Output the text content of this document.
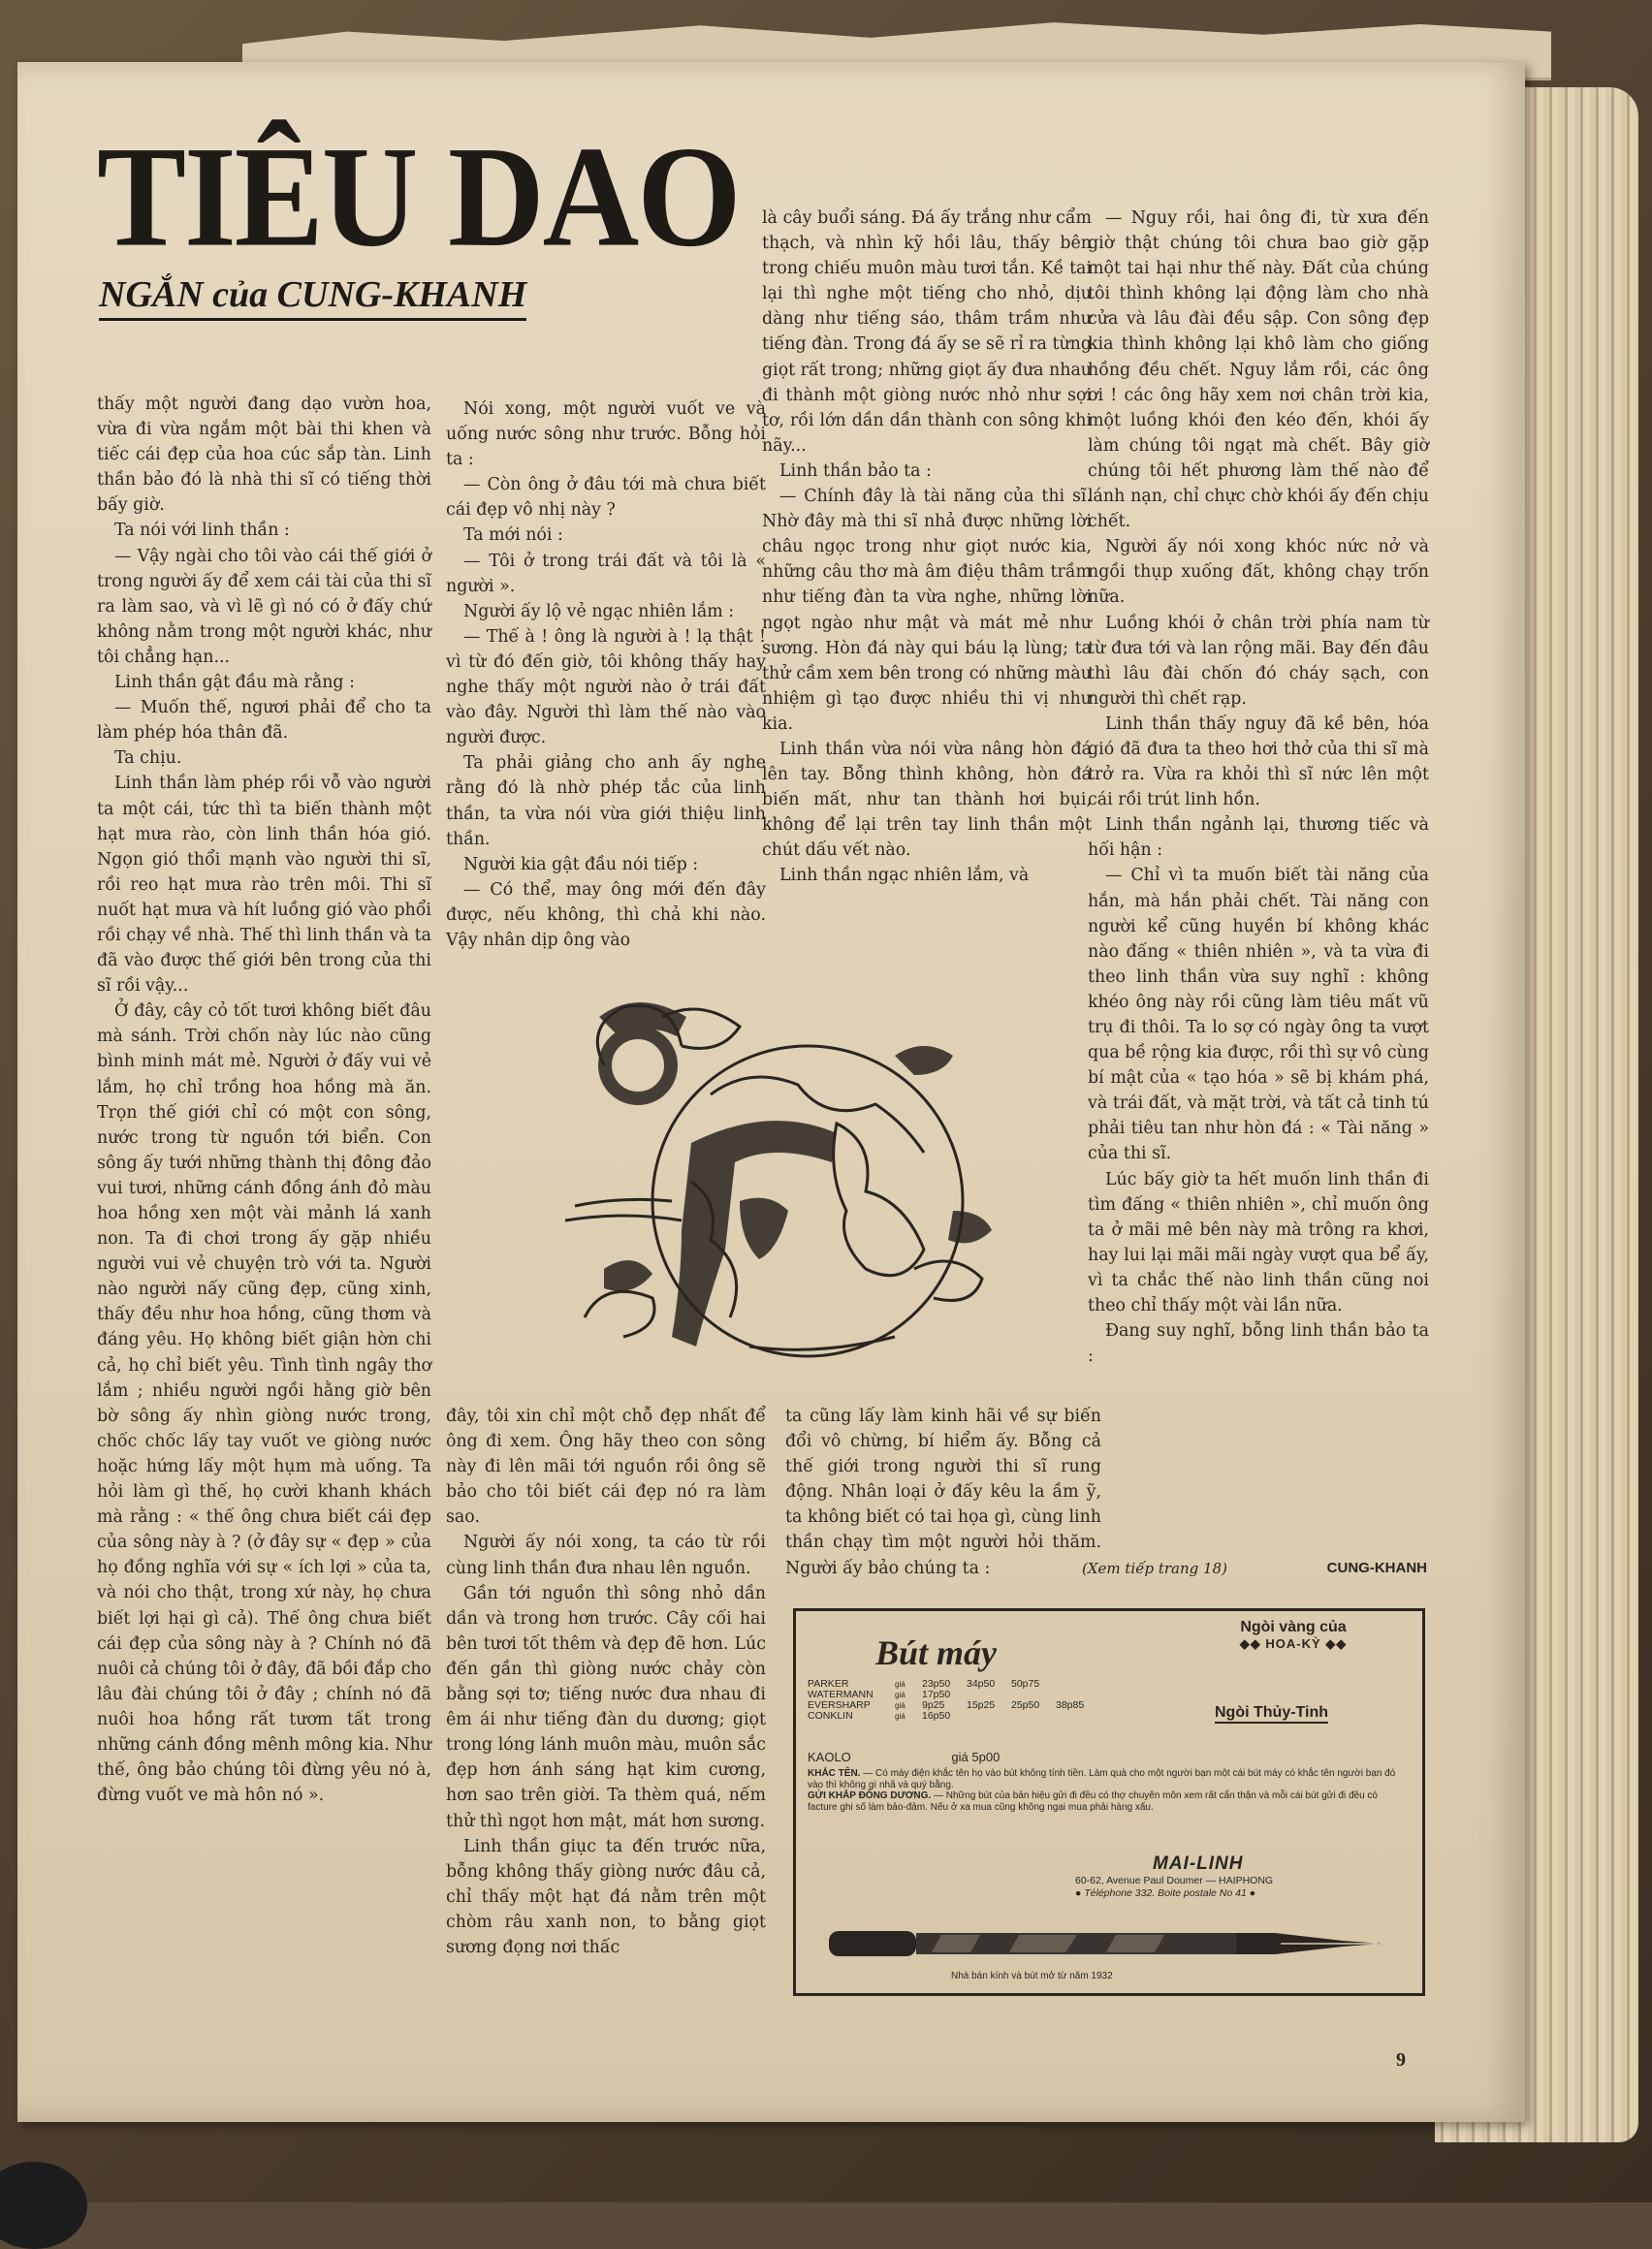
TIÊU DAO
NGẮN của CUNG-KHANH

thấy một người đang dạo vườn hoa, vừa đi vừa ngắm một bài thi khen và tiếc cái đẹp của hoa cúc sắp tàn. Linh thần bảo đó là nhà thi sĩ có tiếng thời bấy giờ.

Ta nói với linh thần :

— Vậy ngài cho tôi vào cái thế giới ở trong người ấy để xem cái tài của thi sĩ ra làm sao, và vì lẽ gì nó có ở đấy chứ không nằm trong một người khác, như tôi chẳng hạn...

Linh thần gật đầu mà rằng :

— Muốn thế, ngươi phải để cho ta làm phép hóa thân đã.

Ta chịu.

Linh thần làm phép rồi vỗ vào người ta một cái, tức thì ta biến thành một hạt mưa rào, còn linh thần hóa gió. Ngọn gió thổi mạnh vào người thi sĩ, rồi reo hạt mưa rào trên môi. Thi sĩ nuốt hạt mưa và hít luồng gió vào phổi rồi chạy về nhà. Thế thì linh thần và ta đã vào được thế giới bên trong của thi sĩ rồi vậy...

Ở đây, cây cỏ tốt tươi không biết đâu mà sánh. Trời chốn này lúc nào cũng bình minh mát mẻ. Người ở đấy vui vẻ lắm, họ chỉ trồng hoa hồng mà ăn. Trọn thế giới chỉ có một con sông, nước trong từ nguồn tới biển. Con sông ấy tưới những thành thị đông đảo vui tươi, những cánh đồng ánh đỏ màu hoa hồng xen một vài mảnh lá xanh non. Ta đi chơi trong ấy gặp nhiều người vui vẻ chuyện trò với ta. Người nào người nấy cũng đẹp, cũng xinh, thấy đều như hoa hồng, cũng thơm và đáng yêu. Họ không biết giận hờn chi cả, họ chỉ biết yêu. Tình tình ngây thơ lắm ; nhiều người ngồi hằng giờ bên bờ sông ấy nhìn giòng nước trong, chốc chốc lấy tay vuốt ve giòng nước hoặc hứng lấy một hụm mà uống. Ta hỏi làm gì thế, họ cười khanh khách mà rằng : « thế ông chưa biết cái đẹp của sông này à ? (ở đây sự « đẹp » của họ đồng nghĩa với sự « ích lợi » của ta, và nói cho thật, trong xứ này, họ chưa biết lợi hại gì cả). Thế ông chưa biết cái đẹp của sông này à ? Chính nó đã nuôi cả chúng tôi ở đây, đã bồi đắp cho lâu đài chúng tôi ở đây ; chính nó đã nuôi hoa hồng rất tươm tất trong những cánh đồng mênh mông kia. Như thế, ông bảo chúng tôi đừng yêu nó à, đừng vuốt ve mà hôn nó ».

Nói xong, một người vuốt ve và uống nước sông như trước. Bỗng hỏi ta :

— Còn ông ở đâu tới mà chưa biết cái đẹp vô nhị này ?

Ta mới nói :

— Tôi ở trong trái đất và tôi là « người ».

Người ấy lộ vẻ ngạc nhiên lắm :

— Thế à ! ông là người à ! lạ thật ! vì từ đó đến giờ, tôi không thấy hay nghe thấy một người nào ở trái đất vào đây. Người thì làm thế nào vào người được.

Ta phải giảng cho anh ấy nghe rằng đó là nhờ phép tắc của linh thần, ta vừa nói vừa giới thiệu linh thần.

Người kia gật đầu nói tiếp :

— Có thể, may ông mới đến đây được, nếu không, thì chả khi nào. Vậy nhân dịp ông vào

là cây buổi sáng. Đá ấy trắng như cẩm thạch, và nhìn kỹ hồi lâu, thấy bên trong chiếu muôn màu tươi tắn. Kề tai lại thì nghe một tiếng cho nhỏ, dịu dàng như tiếng sáo, thâm trầm như tiếng đàn. Trong đá ấy se sẽ rỉ ra từng giọt rất trong; những giọt ấy đưa nhau đi thành một giòng nước nhỏ như sợi tơ, rồi lớn dần dần thành con sông khi nãy...

Linh thần bảo ta :

— Chính đây là tài năng của thi sĩ. Nhờ đây mà thi sĩ nhả được những lời châu ngọc trong như giọt nước kia, những câu thơ mà âm điệu thâm trầm như tiếng đàn ta vừa nghe, những lời ngọt ngào như mật và mát mẻ như sương. Hòn đá này qui báu lạ lùng; ta thử cầm xem bên trong có những màu nhiệm gì tạo được nhiều thi vị như kia.

Linh thần vừa nói vừa nâng hòn đá lên tay. Bỗng thình không, hòn đá biến mất, như tan thành hơi bụi, không để lại trên tay linh thần một chút dấu vết nào.

Linh thần ngạc nhiên lắm, và

— Nguy rồi, hai ông đi, từ xưa đến giờ thật chúng tôi chưa bao giờ gặp một tai hại như thế này. Đất của chúng tôi thình không lại động làm cho nhà cửa và lâu đài đều sập. Con sông đẹp kia thình không lại khô làm cho giống hồng đều chết. Nguy lắm rồi, các ông ơi ! các ông hãy xem nơi chân trời kia, một luồng khói đen kéo đến, khói ấy làm chúng tôi ngạt mà chết. Bây giờ chúng tôi hết phương làm thế nào để lánh nạn, chỉ chực chờ khói ấy đến chịu chết.

Người ấy nói xong khóc nức nở và ngồi thụp xuống đất, không chạy trốn nữa.

Luồng khói ở chân trời phía nam từ từ đưa tới và lan rộng mãi. Bay đến đâu thì lâu đài chốn đó cháy sạch, con người thì chết rạp.

Linh thần thấy nguy đã kề bên, hóa gió đã đưa ta theo hơi thở của thi sĩ mà trở ra. Vừa ra khỏi thì sĩ nức lên một cái rồi trút linh hồn.

Linh thần ngảnh lại, thương tiếc và hối hận :

— Chỉ vì ta muốn biết tài năng của hắn, mà hắn phải chết. Tài năng con người kể cũng huyền bí không khác nào đấng « thiên nhiên », và ta vừa đi theo linh thần vừa suy nghĩ : không khéo ông này rồi cũng làm tiêu mất vũ trụ đi thôi. Ta lo sợ có ngày ông ta vượt qua bề rộng kia được, rồi thì sự vô cùng bí mật của « tạo hóa » sẽ bị khám phá, và trái đất, và mặt trời, và tất cả tinh tú phải tiêu tan như hòn đá : « Tài năng » của thi sĩ.

Lúc bấy giờ ta hết muốn linh thần đi tìm đấng « thiên nhiên », chỉ muốn ông ta ở mãi mê bên này mà trông ra khơi, hay lui lại mãi mãi ngày vượt qua bể ấy, vì ta chắc thế nào linh thần cũng noi theo chỉ thấy một vài lần nữa.

Đang suy nghĩ, bỗng linh thần bảo ta :

đây, tôi xin chỉ một chỗ đẹp nhất để ông đi xem. Ông hãy theo con sông này đi lên mãi tới nguồn rồi ông sẽ bảo cho tôi biết cái đẹp nó ra làm sao.

Người ấy nói xong, ta cáo từ rồi cùng linh thần đưa nhau lên nguồn.

Gần tới nguồn thì sông nhỏ dần dần và trong hơn trước. Cây cối hai bên tươi tốt thêm và đẹp đẽ hơn. Lúc đến gần thì giòng nước chảy còn bằng sợi tơ; tiếng nước đưa nhau đi êm ái như tiếng đàn du dương; giọt trong lóng lánh muôn màu, muôn sắc đẹp hơn ánh sáng hạt kim cương, hơn sao trên giời. Ta thèm quá, nếm thử thì ngọt hơn mật, mát hơn sương.

Linh thần giục ta đến trước nữa, bỗng không thấy giòng nước đâu cả, chỉ thấy một hạt đá nằm trên một chòm râu xanh non, to bằng giọt sương đọng nơi thấc

ta cũng lấy làm kinh hãi về sự biến đổi vô chừng, bí hiểm ấy. Bỗng cả thế giới trong người thi sĩ rung động. Nhân loại ở đấy kêu la ầm ỹ, ta không biết có tai họa gì, cùng linh thần chạy tìm một người hỏi thăm. Người ấy bảo chúng ta :	(Xem tiếp trang 18)	CUNG-KHANH
Bút máy
Ngòi vàng của
◆◆ HOA-KỲ ◆◆
Ngòi Thủy-Tinh
PARKER	giá 23p50 34p50 50p75
WATERMANN	giá 17p50
EVERSHARP	giá 9p25 15p25 25p50 38p85
CONKLIN	giá 16p50
KAOLO	giá 5p00
KHẮC TÊN. — Có máy điện khắc tên họ vào bút không tính tiền. Làm quà cho một người bạn một cái bút máy có khắc tên người bạn đó vào thì không gì nhã và quý bằng.
GỬI KHẮP ĐÔNG DƯƠNG. — Những bút của bản hiệu gửi đi đều có thợ chuyên môn xem rất cẩn thận và mỗi cái bút gửi đi đều có facture ghi số làm bảo-đảm. Nếu ở xa mua cũng không ngại mua phải hàng xấu.
MAI-LINH
60-62, Avenue Paul Doumer — HAIPHONG
● Téléphone 332. Boite postale No 41 ●
Nhà bán kính và bút mở từ năm 1932
9
